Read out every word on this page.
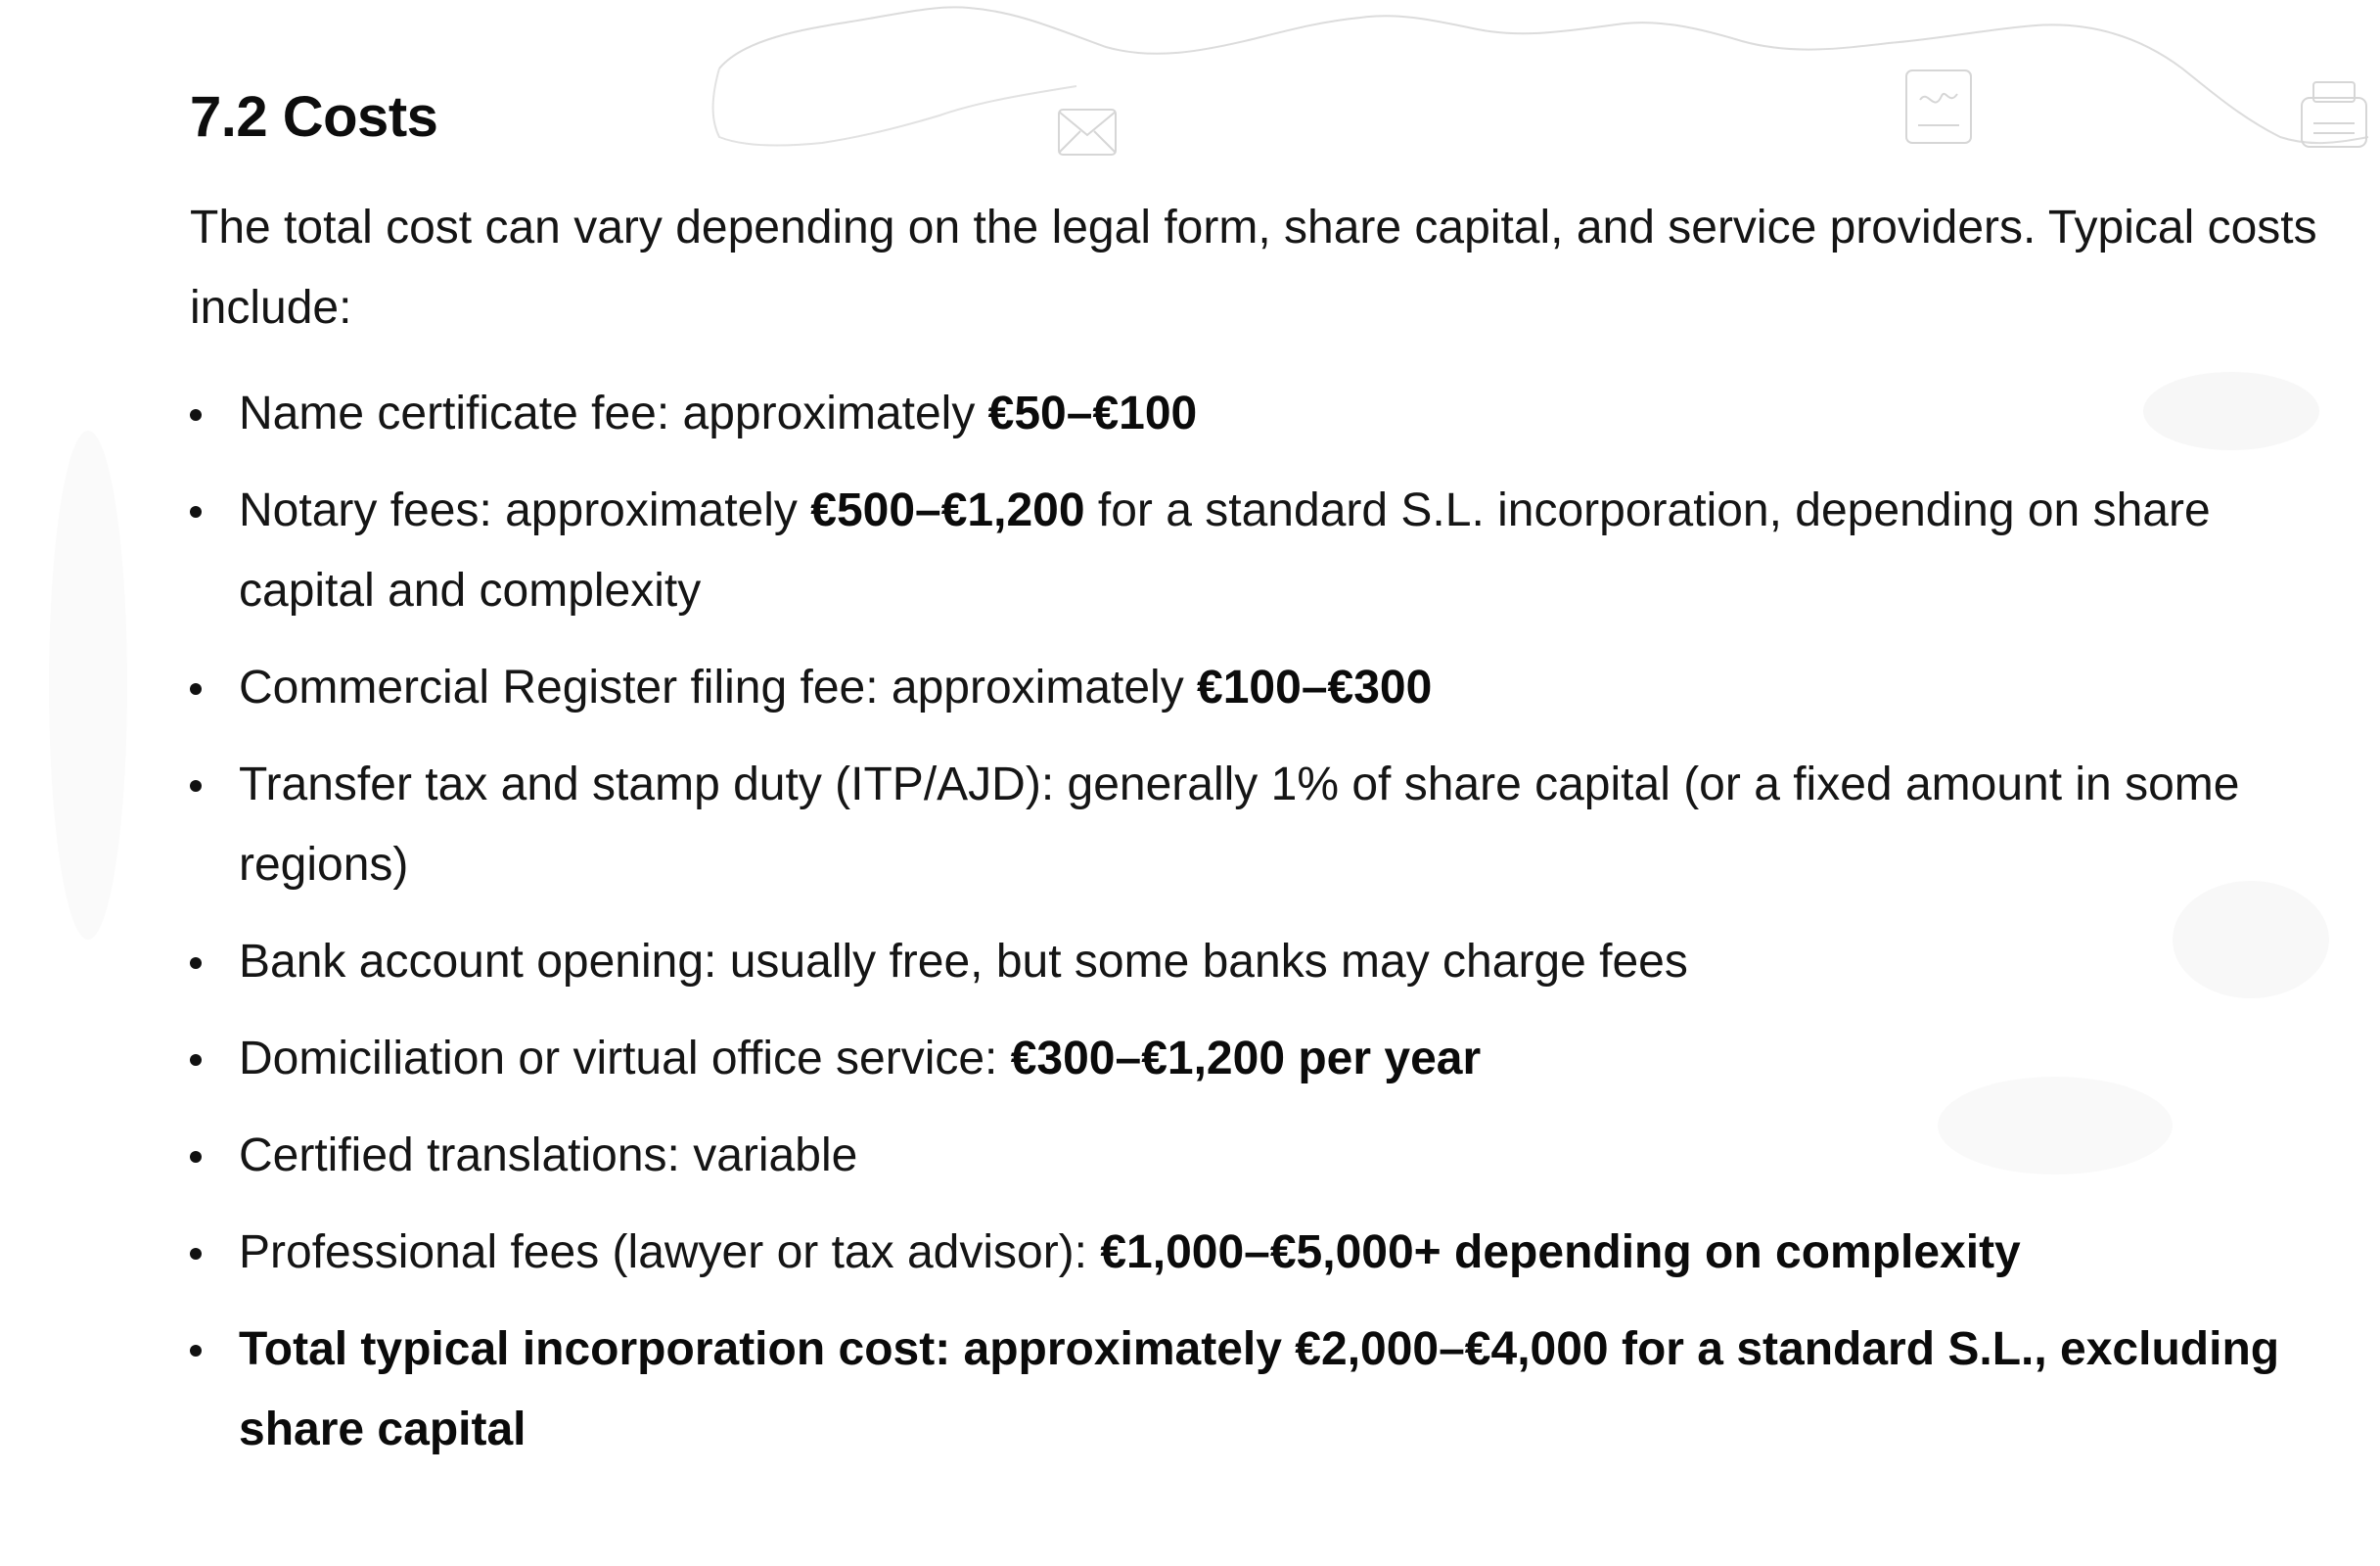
7.2 Costs

The total cost can vary depending on the legal form, share capital, and service providers. Typical costs include:

Name certificate fee: approximately €50–€100
Notary fees: approximately €500–€1,200 for a standard S.L. incorporation, depending on share capital and complexity
Commercial Register filing fee: approximately €100–€300
Transfer tax and stamp duty (ITP/AJD): generally 1% of share capital (or a fixed amount in some regions)
Bank account opening: usually free, but some banks may charge fees
Domiciliation or virtual office service: €300–€1,200 per year
Certified translations: variable
Professional fees (lawyer or tax advisor): €1,000–€5,000+ depending on complexity
Total typical incorporation cost: approximately €2,000–€4,000 for a standard S.L., excluding share capital
